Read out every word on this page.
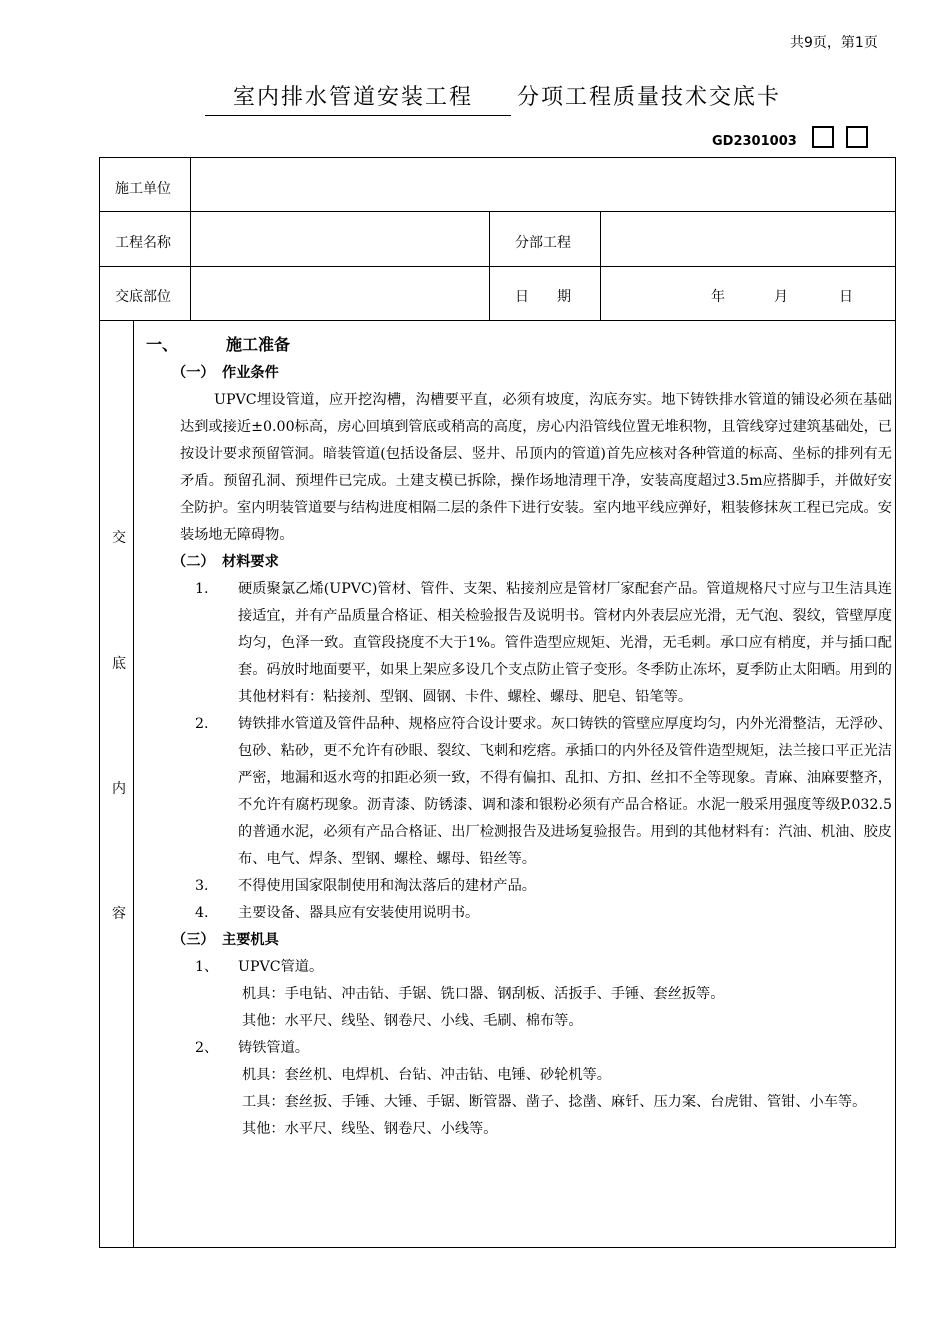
共9页，第1页
室内排水管道安装工程 分项工程质量技术交底卡
GD2301003
施工单位
工程名称	分部工程
交底部位	日　　期	年	月	日
交
底
内
容

一、	施工准备

（一） 作业条件

UPVC埋设管道，应开挖沟槽，沟槽要平直，必须有坡度，沟底夯实。地下铸铁排水管道的铺设必须在基础达到或接近±0.00标高，房心回填到管底或稍高的高度，房心内沿管线位置无堆积物，且管线穿过建筑基础处，已按设计要求预留管洞。暗装管道(包括设备层、竖井、吊顶内的管道)首先应核对各种管道的标高、坐标的排列有无矛盾。预留孔洞、预埋件已完成。土建支模已拆除，操作场地清理干净，安装高度超过3.5m应搭脚手，并做好安全防护。室内明装管道要与结构进度相隔二层的条件下进行安装。室内地平线应弹好，粗装修抹灰工程已完成。安装场地无障碍物。

（二） 材料要求

1. 硬质聚氯乙烯(UPVC)管材、管件、支架、粘接剂应是管材厂家配套产品。管道规格尺寸应与卫生洁具连接适宜，并有产品质量合格证、相关检验报告及说明书。管材内外表层应光滑，无气泡、裂纹，管壁厚度均匀，色泽一致。直管段挠度不大于1%。管件造型应规矩、光滑，无毛刺。承口应有梢度，并与插口配套。码放时地面要平，如果上架应多设几个支点防止管子变形。冬季防止冻坏，夏季防止太阳晒。用到的其他材料有：粘接剂、型钢、圆钢、卡件、螺栓、螺母、肥皂、铅笔等。

2. 铸铁排水管道及管件品种、规格应符合设计要求。灰口铸铁的管壁应厚度均匀，内外光滑整洁，无浮砂、包砂、粘砂，更不允许有砂眼、裂纹、飞刺和疙瘩。承插口的内外径及管件造型规矩，法兰接口平正光洁严密，地漏和返水弯的扣距必须一致，不得有偏扣、乱扣、方扣、丝扣不全等现象。青麻、油麻要整齐，不允许有腐朽现象。沥青漆、防锈漆、调和漆和银粉必须有产品合格证。水泥一般采用强度等级P.032.5的普通水泥，必须有产品合格证、出厂检测报告及进场复验报告。用到的其他材料有：汽油、机油、胶皮布、电气、焊条、型钢、螺栓、螺母、铅丝等。

3. 不得使用国家限制使用和淘汰落后的建材产品。

4. 主要设备、器具应有安装使用说明书。

（三） 主要机具

1、 UPVC管道。

机具：手电钻、冲击钻、手锯、铣口器、钢刮板、活扳手、手锤、套丝扳等。

其他：水平尺、线坠、钢卷尺、小线、毛刷、棉布等。

2、 铸铁管道。

机具：套丝机、电焊机、台钻、冲击钻、电锤、砂轮机等。

工具：套丝扳、手锤、大锤、手锯、断管器、凿子、捻凿、麻钎、压力案、台虎钳、管钳、小车等。

其他：水平尺、线坠、钢卷尺、小线等。
